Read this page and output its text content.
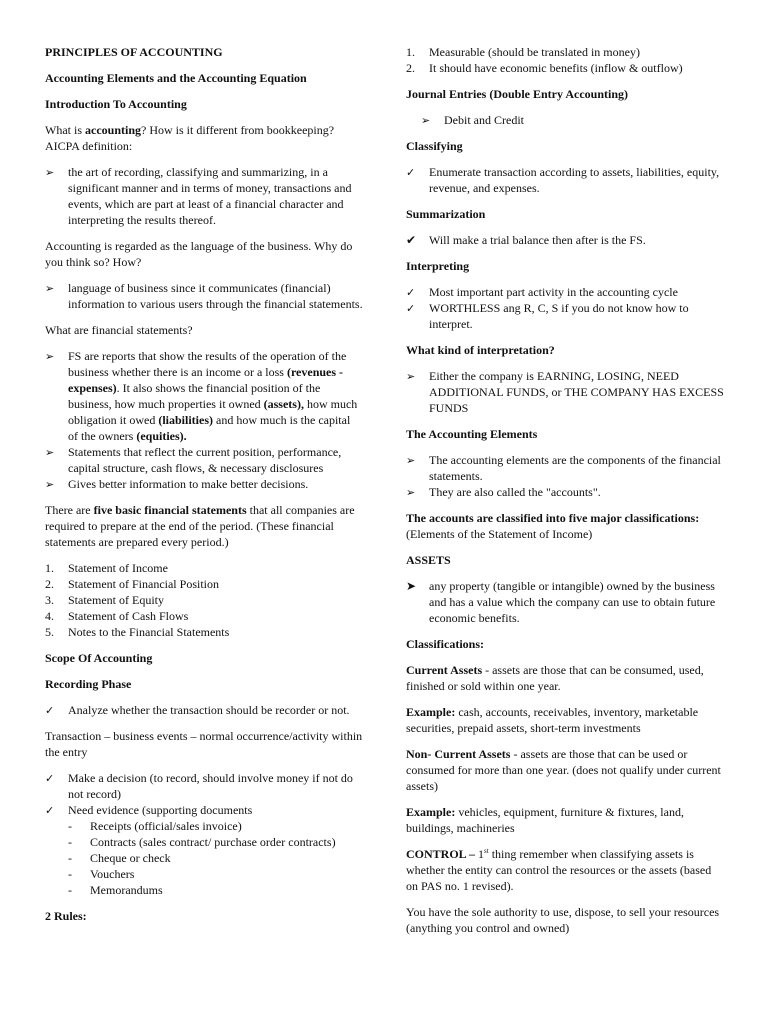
PRINCIPLES OF ACCOUNTING

Accounting Elements and the Accounting Equation

Introduction To Accounting

What is accounting? How is it different from bookkeeping? AICPA definition:

➢
the art of recording, classifying and summarizing, in a significant manner and in terms of money, transactions and events, which are part at least of a financial character and interpreting the results thereof.

Accounting is regarded as the language of the business. Why do you think so? How?

➢
language of business since it communicates (financial) information to various users through the financial statements.

What are financial statements?

➢
FS are reports that show the results of the operation of the business whether there is an income or a loss (revenues - expenses). It also shows the financial position of the business, how much properties it owned (assets), how much obligation it owed (liabilities) and how much is the capital of the owners (equities).
➢
Statements that reflect the current position, performance, capital structure, cash flows, & necessary disclosures
➢
Gives better information to make better decisions.

There are five basic financial statements that all companies are required to prepare at the end of the period. (These financial statements are prepared every period.)

1.	Statement of Income
2.	Statement of Financial Position
3.	Statement of Equity
4.	Statement of Cash Flows
5.	Notes to the Financial Statements

Scope Of Accounting

Recording Phase

✓
Analyze whether the transaction should be recorder or not.

Transaction – business events – normal occurrence/activity within the entry

✓
Make a decision (to record, should involve money if not do not record)
✓
Need evidence (supporting documents
-	Receipts (official/sales invoice)
-	Contracts (sales contract/ purchase order contracts)
-	Cheque or check
-	Vouchers
-	Memorandums

2 Rules:

1.	Measurable (should be translated in money)
2.	It should have economic benefits (inflow & outflow)

Journal Entries (Double Entry Accounting)

➢
Debit and Credit

Classifying

✓
Enumerate transaction according to assets, liabilities, equity, revenue, and expenses.

Summarization

✔
Will make a trial balance then after is the FS.

Interpreting

✓
Most important part activity in the accounting cycle
✓
WORTHLESS ang R, C, S if you do not know how to interpret.

What kind of interpretation?

➢
Either the company is EARNING, LOSING, NEED ADDITIONAL FUNDS, or THE COMPANY HAS EXCESS FUNDS

The Accounting Elements

➢
The accounting elements are the components of the financial statements.
➢
They are also called the "accounts".

The accounts are classified into five major classifications:
(Elements of the Statement of Income)

ASSETS

➤
any property (tangible or intangible) owned by the business and has a value which the company can use to obtain future economic benefits.

Classifications:

Current Assets - assets are those that can be consumed, used, finished or sold within one year.

Example: cash, accounts, receivables, inventory, marketable securities, prepaid assets, short-term investments

Non- Current Assets - assets are those that can be used or consumed for more than one year. (does not qualify under current assets)

Example: vehicles, equipment, furniture & fixtures, land, buildings, machineries

CONTROL – 1st thing remember when classifying assets is whether the entity can control the resources or the assets (based on PAS no. 1 revised).

You have the sole authority to use, dispose, to sell your resources (anything you control and owned)
